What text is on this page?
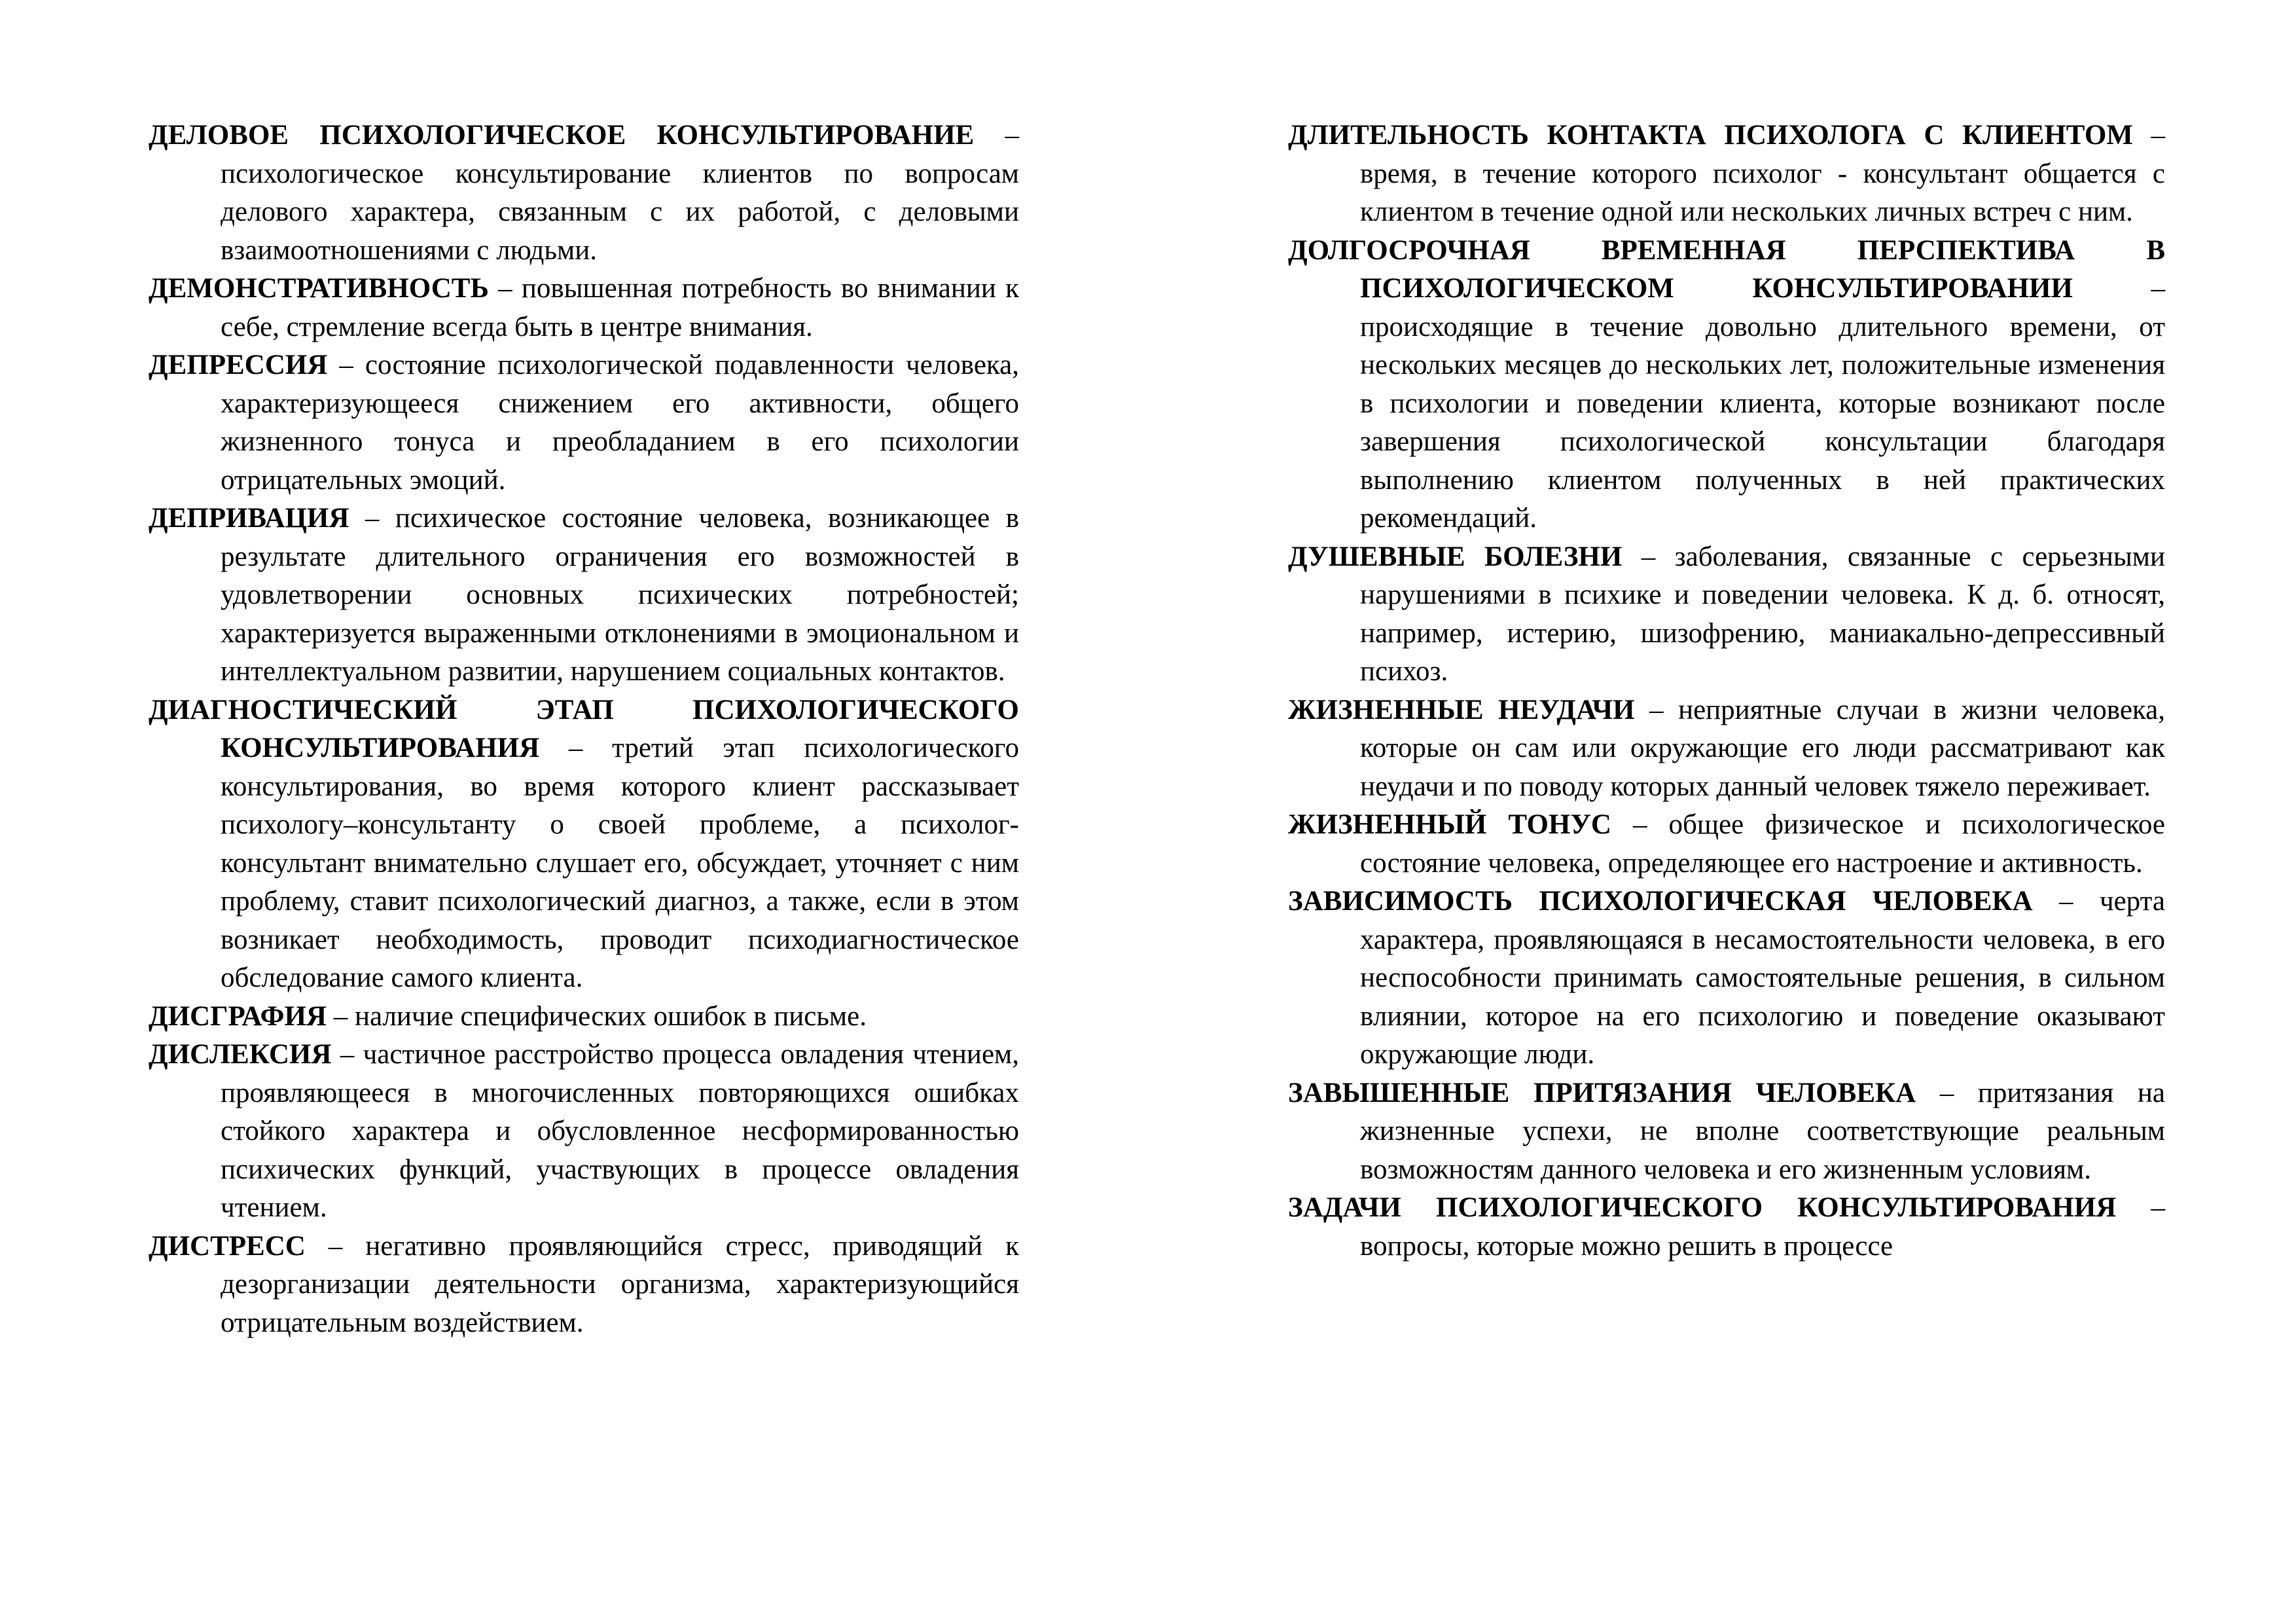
ДЕЛОВОЕ ПСИХОЛОГИЧЕСКОЕ КОНСУЛЬТИРОВАНИЕ – психологическое консультирование клиентов по вопросам делового характера, связанным с их работой, с деловыми взаимоотношениями с людьми.

ДЕМОНСТРАТИВНОСТЬ – повышенная потребность во внимании к себе, стремление всегда быть в центре внимания.

ДЕПРЕССИЯ – состояние психологической подавленности человека, характеризующееся снижением его активности, общего жизненного тонуса и преобладанием в его психологии отрицательных эмоций.

ДЕПРИВАЦИЯ – психическое состояние человека, возникающее в результате длительного ограничения его возможностей в удовлетворении основных психических потребностей; характеризуется выраженными отклонениями в эмоциональном и интеллектуальном развитии, нарушением социальных контактов.

ДИАГНОСТИЧЕСКИЙ ЭТАП ПСИХОЛОГИЧЕСКОГО КОНСУЛЬТИРОВАНИЯ – третий этап психологического консультирования, во время которого клиент рассказывает психологу–консультанту о своей проблеме, а психолог-консультант внимательно слушает его, обсуждает, уточняет с ним проблему, ставит психологический диагноз, а также, если в этом возникает необходимость, проводит психодиагностическое обследование самого клиента.

ДИСГРАФИЯ – наличие специфических ошибок в письме.

ДИСЛЕКСИЯ – частичное расстройство процесса овладения чтением, проявляющееся в многочисленных повторяющихся ошибках стойкого характера и обусловленное несформированностью психических функций, участвующих в процессе овладения чтением.

ДИСТРЕСС – негативно проявляющийся стресс, приводящий к дезорганизации деятельности организма, характеризующийся отрицательным воздействием.

ДЛИТЕЛЬНОСТЬ КОНТАКТА ПСИХОЛОГА С КЛИЕНТОМ – время, в течение которого психолог - консультант общается с клиентом в течение одной или нескольких личных встреч с ним.

ДОЛГОСРОЧНАЯ ВРЕМЕННАЯ ПЕРСПЕКТИВА В ПСИХОЛОГИЧЕСКОМ КОНСУЛЬТИРОВАНИИ – происходящие в течение довольно длительного времени, от нескольких месяцев до нескольких лет, положительные изменения в психологии и поведении клиента, которые возникают после завершения психологической консультации благодаря выполнению клиентом полученных в ней практических рекомендаций.

ДУШЕВНЫЕ БОЛЕЗНИ – заболевания, связанные с серьезными нарушениями в психике и поведении человека. К д. б. относят, например, истерию, шизофрению, маниакально-депрессивный психоз.

ЖИЗНЕННЫЕ НЕУДАЧИ – неприятные случаи в жизни человека, которые он сам или окружающие его люди рассматривают как неудачи и по поводу которых данный человек тяжело переживает.

ЖИЗНЕННЫЙ ТОНУС – общее физическое и психологическое состояние человека, определяющее его настроение и активность.

ЗАВИСИМОСТЬ ПСИХОЛОГИЧЕСКАЯ ЧЕЛОВЕКА – черта характера, проявляющаяся в несамостоятельности человека, в его неспособности принимать самостоятельные решения, в сильном влиянии, которое на его психологию и поведение оказывают окружающие люди.

ЗАВЫШЕННЫЕ ПРИТЯЗАНИЯ ЧЕЛОВЕКА – притязания на жизненные успехи, не вполне соответствующие реальным возможностям данного человека и его жизненным условиям.

ЗАДАЧИ ПСИХОЛОГИЧЕСКОГО КОНСУЛЬТИРОВАНИЯ – вопросы, которые можно решить в процессе
